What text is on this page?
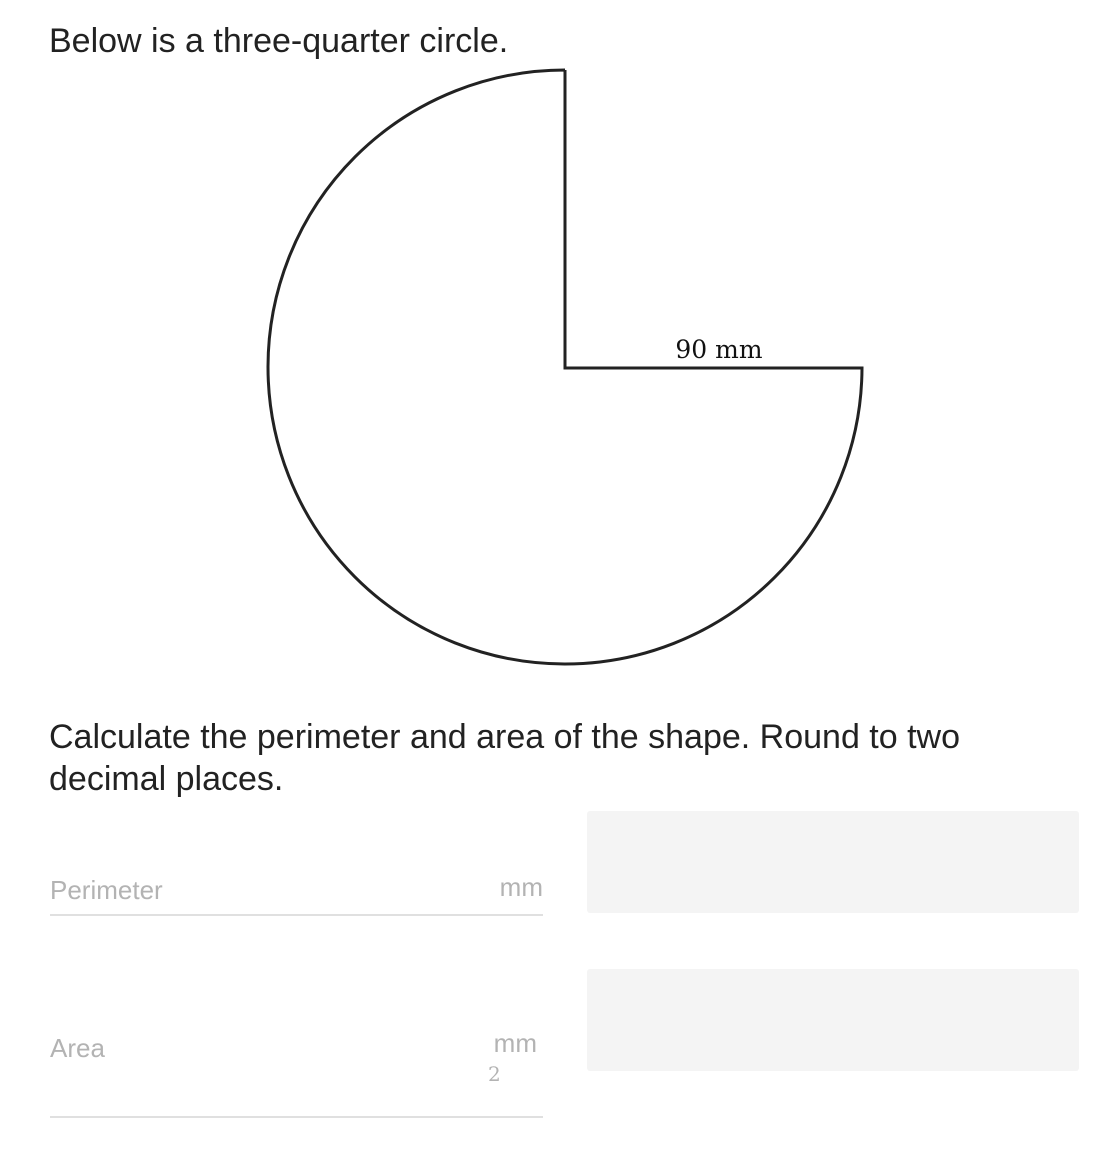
Below is a three-quarter circle.

90 mm

Calculate the perimeter and area of the shape. Round to two decimal places.

Perimeter
mm
Area
mm
2
